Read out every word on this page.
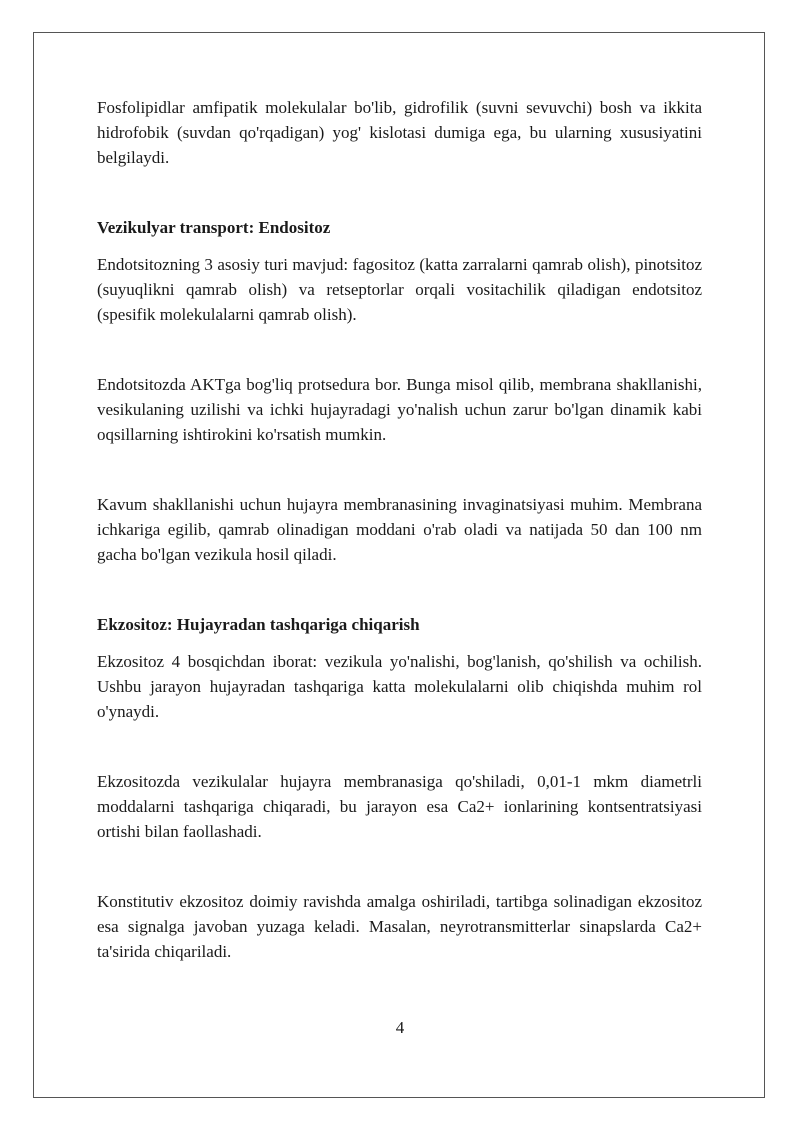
Fosfolipidlar amfipatik molekulalar bo'lib, gidrofilik (suvni sevuvchi) bosh va ikkita hidrofobik (suvdan qo'rqadigan) yog' kislotasi dumiga ega, bu ularning xususiyatini belgilaydi.

Vezikulyar transport: Endositoz

Endotsitozning 3 asosiy turi mavjud: fagositoz (katta zarralarni qamrab olish), pinotsitoz (suyuqlikni qamrab olish) va retseptorlar orqali vositachilik qiladigan endotsitoz (spesifik molekulalarni qamrab olish).

Endotsitozda AKTga bog'liq protsedura bor. Bunga misol qilib, membrana shakllanishi, vesikulaning uzilishi va ichki hujayradagi yo'nalish uchun zarur bo'lgan dinamik kabi oqsillarning ishtirokini ko'rsatish mumkin.

Kavum shakllanishi uchun hujayra membranasining invaginatsiyasi muhim. Membrana ichkariga egilib, qamrab olinadigan moddani o'rab oladi va natijada 50 dan 100 nm gacha bo'lgan vezikula hosil qiladi.

Ekzositoz: Hujayradan tashqariga chiqarish

Ekzositoz 4 bosqichdan iborat: vezikula yo'nalishi, bog'lanish, qo'shilish va ochilish. Ushbu jarayon hujayradan tashqariga katta molekulalarni olib chiqishda muhim rol o'ynaydi.

Ekzositozda vezikulalar hujayra membranasiga qo'shiladi, 0,01-1 mkm diametrli moddalarni tashqariga chiqaradi, bu jarayon esa Ca2+ ionlarining kontsentratsiyasi ortishi bilan faollashadi.

Konstitutiv ekzositoz doimiy ravishda amalga oshiriladi, tartibga solinadigan ekzositoz esa signalga javoban yuzaga keladi. Masalan, neyrotransmitterlar sinapslarda Ca2+ ta'sirida chiqariladi.

4
